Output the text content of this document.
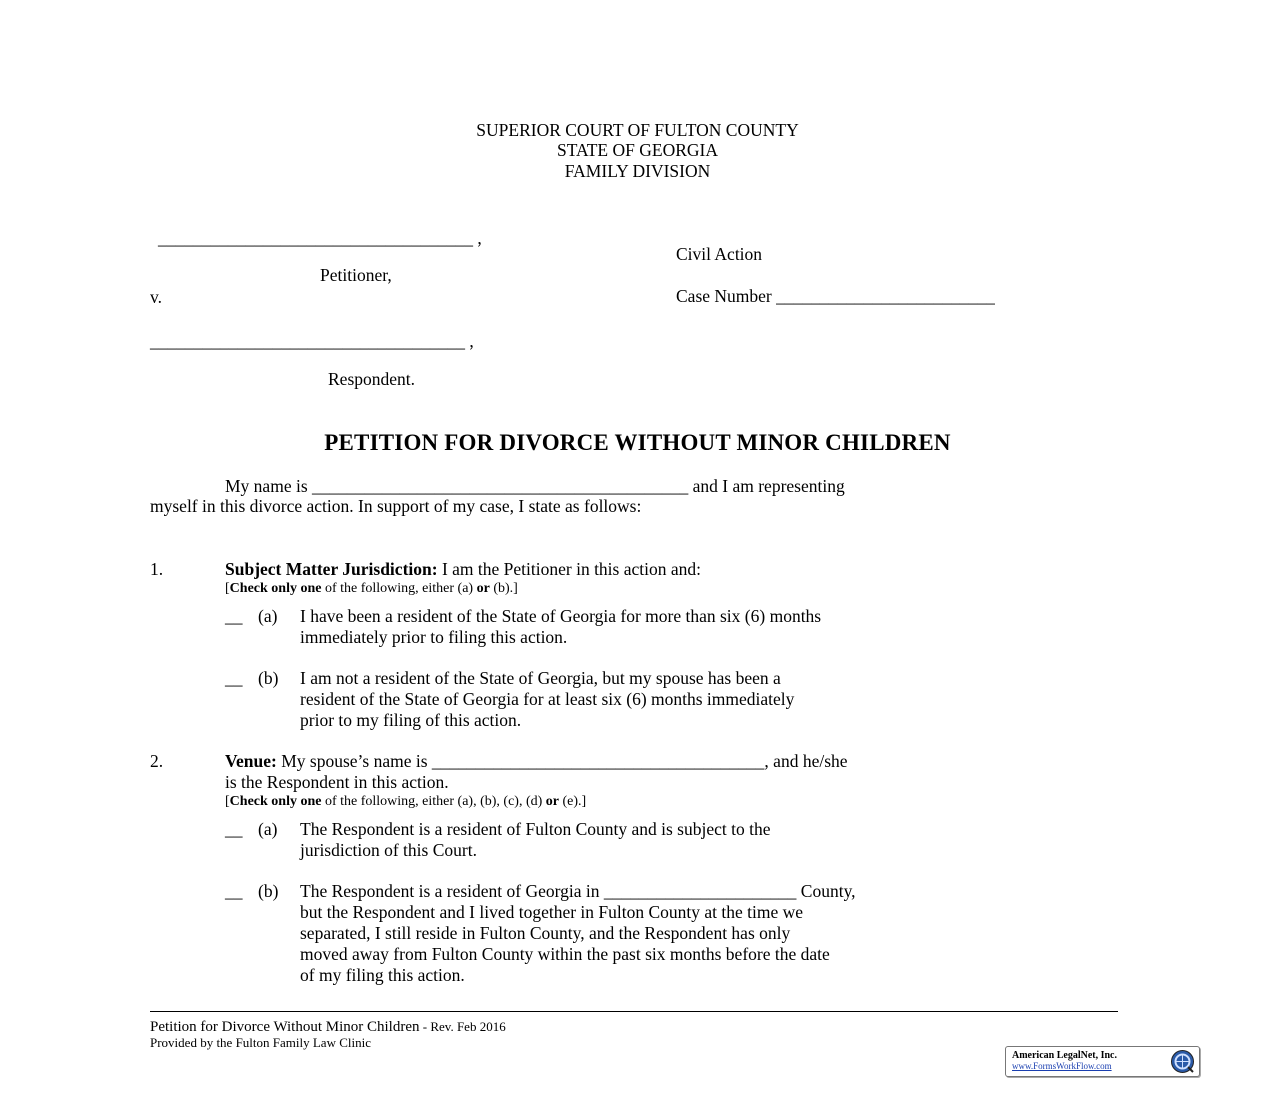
SUPERIOR COURT OF FULTON COUNTY
STATE OF GEORGIA
FAMILY DIVISION
____________________________________ ,
Civil Action
Petitioner,
v.	Case Number _________________________
____________________________________ ,
Respondent.
PETITION FOR DIVORCE WITHOUT MINOR CHILDREN
My name is ___________________________________________ and I am representing
myself in this divorce action. In support of my case, I state as follows:
1.	Subject Matter Jurisdiction: I am the Petitioner in this action and:
[Check only one of the following, either (a) or (b).]
__ (a) I have been a resident of the State of Georgia for more than six (6) months
immediately prior to filing this action.
__ (b) I am not a resident of the State of Georgia, but my spouse has been a
resident of the State of Georgia for at least six (6) months immediately
prior to my filing of this action.
2.	Venue: My spouse’s name is ______________________________________, and he/she
is the Respondent in this action.
[Check only one of the following, either (a), (b), (c), (d) or (e).]
__ (a) The Respondent is a resident of Fulton County and is subject to the
jurisdiction of this Court.
__ (b) The Respondent is a resident of Georgia in ______________________ County,
but the Respondent and I lived together in Fulton County at the time we
separated, I still reside in Fulton County, and the Respondent has only
moved away from Fulton County within the past six months before the date
of my filing this action.
Petition for Divorce Without Minor Children - Rev. Feb 2016
Provided by the Fulton Family Law Clinic
American LegalNet, Inc.
www.FormsWorkFlow.com
